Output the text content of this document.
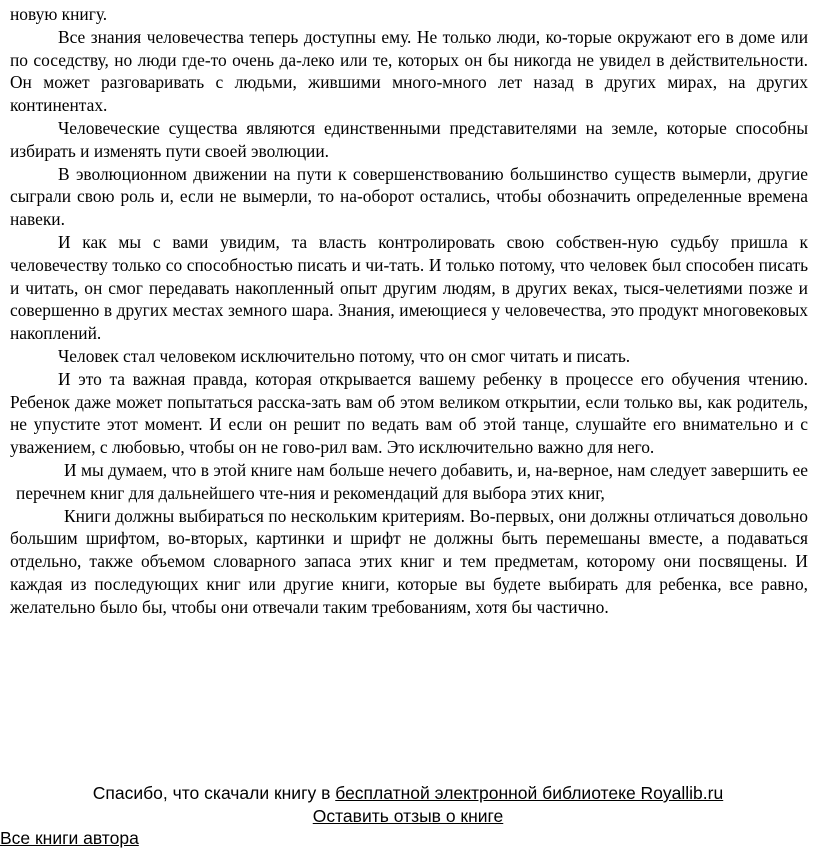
новую книгу.

Все знания человечества теперь доступны ему. Не только люди, ко-торые окружают его в доме или по соседству, но люди где-то очень да-леко или те, которых он бы никогда не увидел в действительности. Он может разговаривать с людьми, жившими много-много лет назад в других мирах, на других континентах.

Человеческие существа являются единственными представителями на земле, которые способны избирать и изменять пути своей эволюции.

В эволюционном движении на пути к совершенствованию большинство существ вымерли, другие сыграли свою роль и, если не вымерли, то на-оборот остались, чтобы обозначить определенные времена навеки.

И как мы с вами увидим, та власть контролировать свою собствен-ную судьбу пришла к человечеству только со способностью писать и чи-тать. И только потому, что человек был способен писать и читать, он смог передавать накопленный опыт другим людям, в других веках, тыся-челетиями позже и совершенно в других местах земного шара. Знания, имеющиеся у человечества, это продукт многовековых накоплений.

Человек стал человеком исключительно потому, что он смог читать и писать.

И это та важная правда, которая открывается вашему ребенку в процессе его обучения чтению. Ребенок даже может попытаться расска-зать вам об этом великом открытии, если только вы, как родитель, не упустите этот момент. И если он решит по ведать вам об этой танце, слушайте его внимательно и с уважением, с любовью, чтобы он не гово-рил вам. Это исключительно важно для него.

И мы думаем, что в этой книге нам больше нечего добавить, и, на-верное, нам следует завершить ее перечнем книг для дальнейшего чте-ния и рекомендаций для выбора этих книг,

Книги должны выбираться по нескольким критериям. Во-первых, они должны отличаться довольно большим шрифтом, во-вторых, картинки и шрифт не должны быть перемешаны вместе, а подаваться отдельно, также объемом словарного запаса этих книг и тем предметам, которому они посвящены. И каждая из последующих книг или другие книги, которые вы будете выбирать для ребенка, все равно, желательно было бы, чтобы они отвечали таким требованиям, хотя бы частично.

Спасибо, что скачали книгу в бесплатной электронной библиотеке Royallib.ru
Оставить отзыв о книге
Все книги автора
